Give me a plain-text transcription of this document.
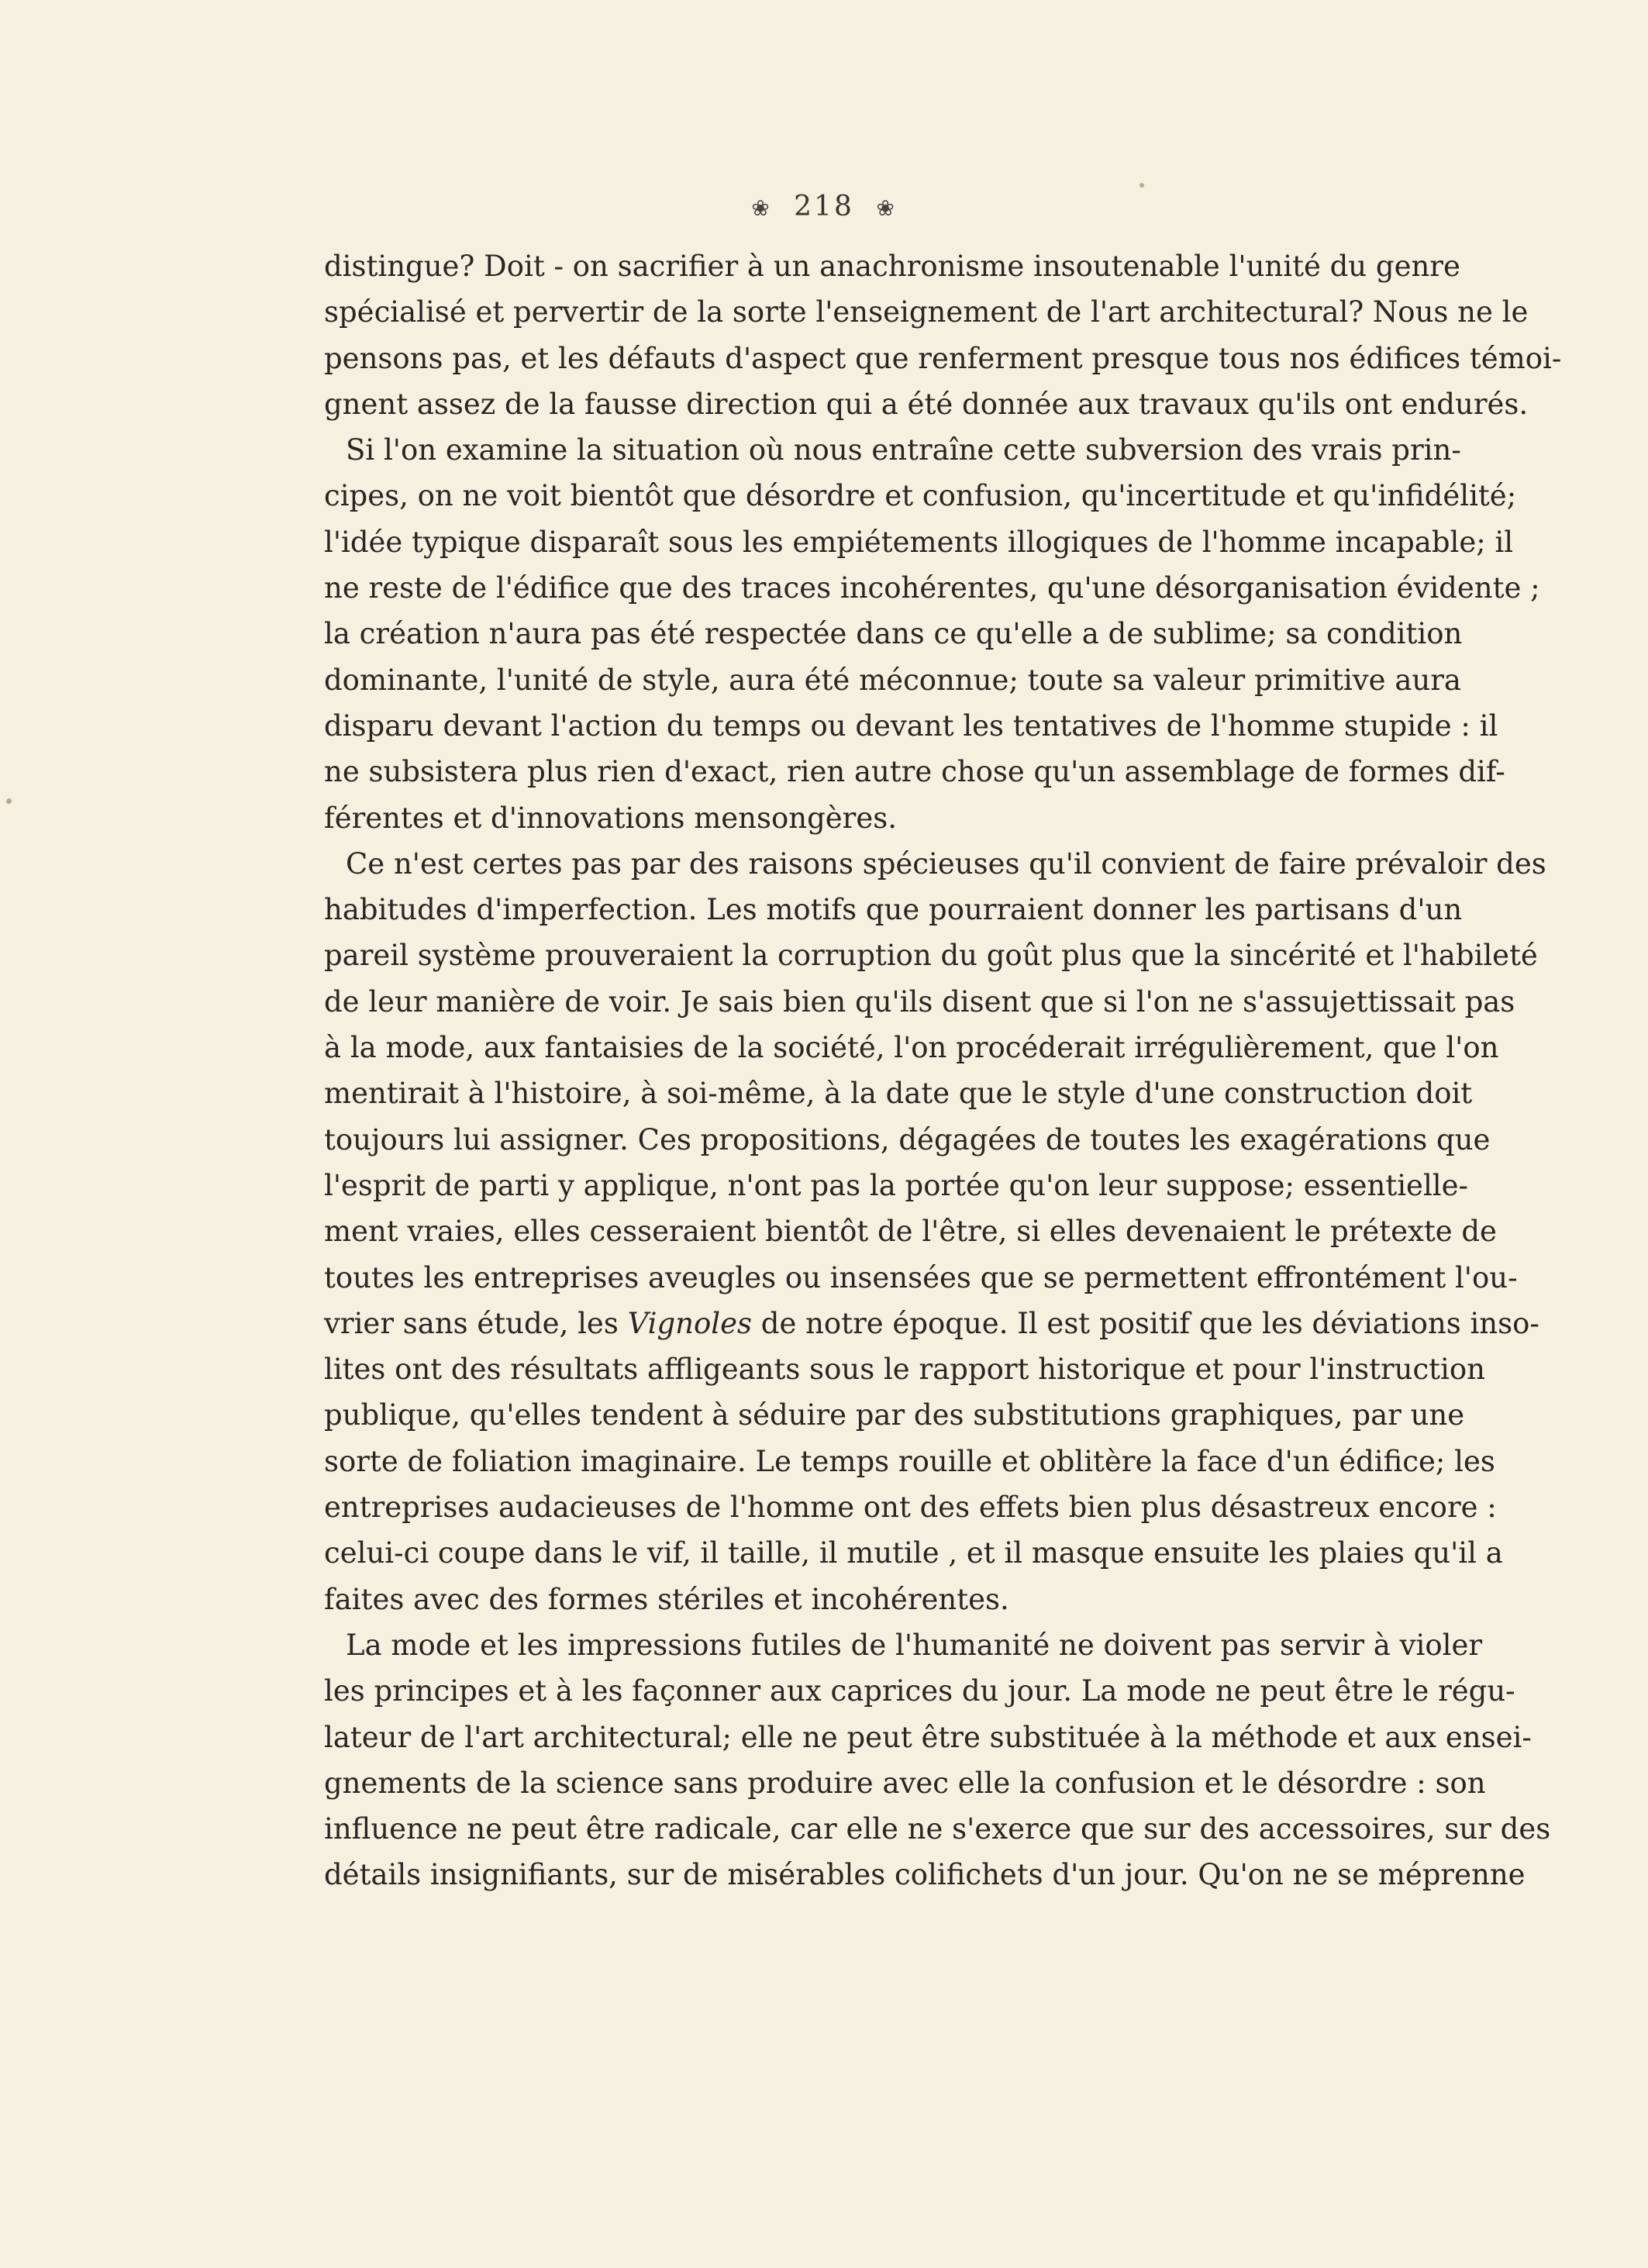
❀ 218 ❀
distingue? Doit - on sacrifier à un anachronisme insoutenable l'unité du genre
spécialisé et pervertir de la sorte l'enseignement de l'art architectural? Nous ne le
pensons pas, et les défauts d'aspect que renferment presque tous nos édifices témoi-
gnent assez de la fausse direction qui a été donnée aux travaux qu'ils ont endurés.
Si l'on examine la situation où nous entraîne cette subversion des vrais prin-
cipes, on ne voit bientôt que désordre et confusion, qu'incertitude et qu'infidélité;
l'idée typique disparaît sous les empiétements illogiques de l'homme incapable; il
ne reste de l'édifice que des traces incohérentes, qu'une désorganisation évidente ;
la création n'aura pas été respectée dans ce qu'elle a de sublime; sa condition
dominante, l'unité de style, aura été méconnue; toute sa valeur primitive aura
disparu devant l'action du temps ou devant les tentatives de l'homme stupide : il
ne subsistera plus rien d'exact, rien autre chose qu'un assemblage de formes dif-
férentes et d'innovations mensongères.
Ce n'est certes pas par des raisons spécieuses qu'il convient de faire prévaloir des
habitudes d'imperfection. Les motifs que pourraient donner les partisans d'un
pareil système prouveraient la corruption du goût plus que la sincérité et l'habileté
de leur manière de voir. Je sais bien qu'ils disent que si l'on ne s'assujettissait pas
à la mode, aux fantaisies de la société, l'on procéderait irrégulièrement, que l'on
mentirait à l'histoire, à soi-même, à la date que le style d'une construction doit
toujours lui assigner. Ces propositions, dégagées de toutes les exagérations que
l'esprit de parti y applique, n'ont pas la portée qu'on leur suppose; essentielle-
ment vraies, elles cesseraient bientôt de l'être, si elles devenaient le prétexte de
toutes les entreprises aveugles ou insensées que se permettent effrontément l'ou-
vrier sans étude, les Vignoles de notre époque. Il est positif que les déviations inso-
lites ont des résultats affligeants sous le rapport historique et pour l'instruction
publique, qu'elles tendent à séduire par des substitutions graphiques, par une
sorte de foliation imaginaire. Le temps rouille et oblitère la face d'un édifice; les
entreprises audacieuses de l'homme ont des effets bien plus désastreux encore :
celui-ci coupe dans le vif, il taille, il mutile , et il masque ensuite les plaies qu'il a
faites avec des formes stériles et incohérentes.
La mode et les impressions futiles de l'humanité ne doivent pas servir à violer
les principes et à les façonner aux caprices du jour. La mode ne peut être le régu-
lateur de l'art architectural; elle ne peut être substituée à la méthode et aux ensei-
gnements de la science sans produire avec elle la confusion et le désordre : son
influence ne peut être radicale, car elle ne s'exerce que sur des accessoires, sur des
détails insignifiants, sur de misérables colifichets d'un jour. Qu'on ne se méprenne
